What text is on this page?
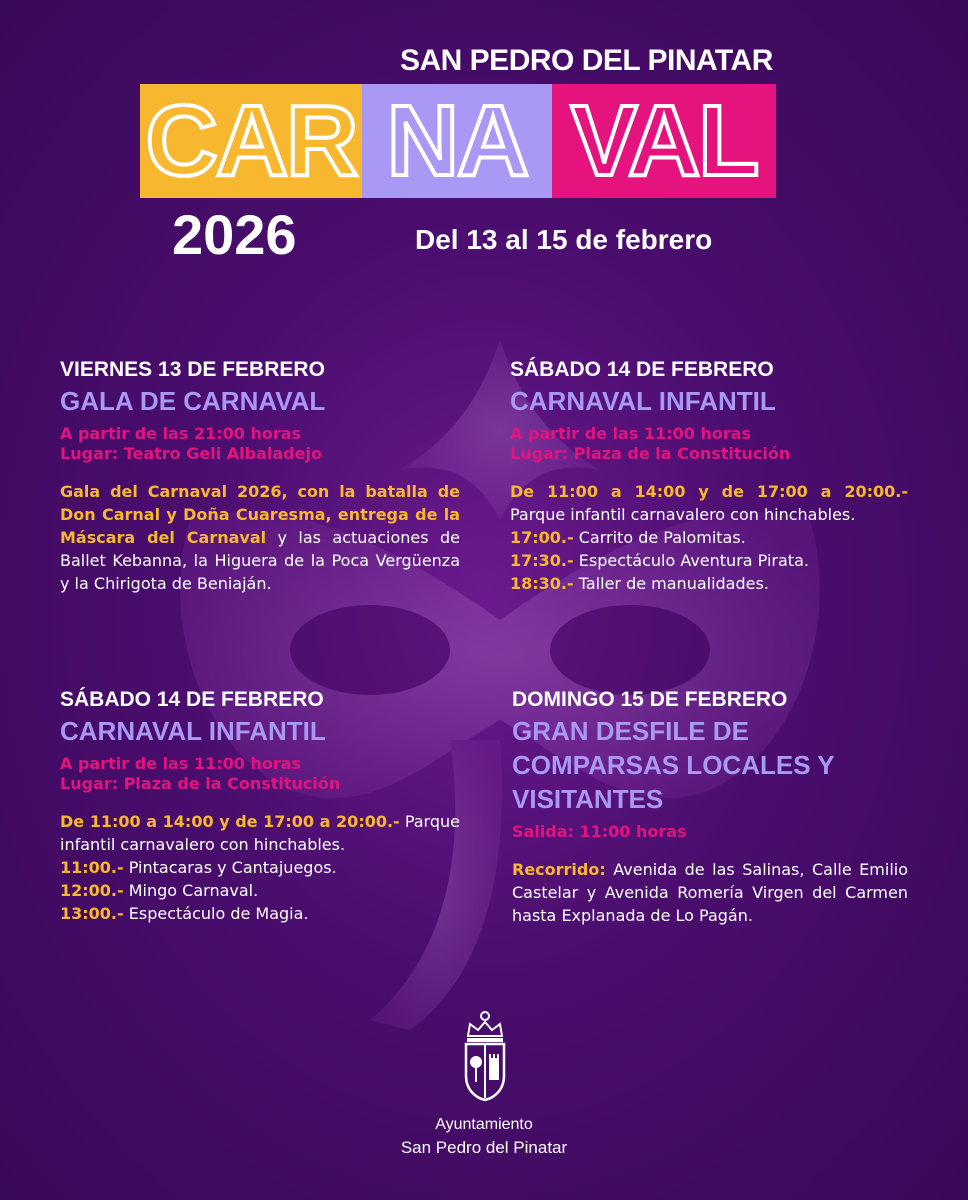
SAN PEDRO DEL PINATAR
CAR NA VAL
2026	Del 13 al 15 de febrero
VIERNES 13 DE FEBRERO
GALA DE CARNAVAL
A partir de las 21:00 horas
Lugar: Teatro Geli Albaladejo
Gala del Carnaval 2026, con la batalla de Don Carnal y Doña Cuaresma, entrega de la Máscara del Carnaval y las actuaciones de Ballet Kebanna, la Higuera de la Poca Vergüenza y la Chirigota de Beniaján.
SÁBADO 14 DE FEBRERO
CARNAVAL INFANTIL
A partir de las 11:00 horas
Lugar: Plaza de la Constitución
De 11:00 a 14:00 y de 17:00 a 20:00.- Parque infantil carnavalero con hinchables.
17:00.- Carrito de Palomitas.
17:30.- Espectáculo Aventura Pirata.
18:30.- Taller de manualidades.
SÁBADO 14 DE FEBRERO
CARNAVAL INFANTIL
A partir de las 11:00 horas
Lugar: Plaza de la Constitución
De 11:00 a 14:00 y de 17:00 a 20:00.- Parque infantil carnavalero con hinchables.
11:00.- Pintacaras y Cantajuegos.
12:00.- Mingo Carnaval.
13:00.- Espectáculo de Magia.
DOMINGO 15 DE FEBRERO
GRAN DESFILE DE COMPARSAS LOCALES Y VISITANTES
Salida: 11:00 horas
Recorrido: Avenida de las Salinas, Calle Emilio Castelar y Avenida Romería Virgen del Carmen hasta Explanada de Lo Pagán.
Ayuntamiento
San Pedro del Pinatar
